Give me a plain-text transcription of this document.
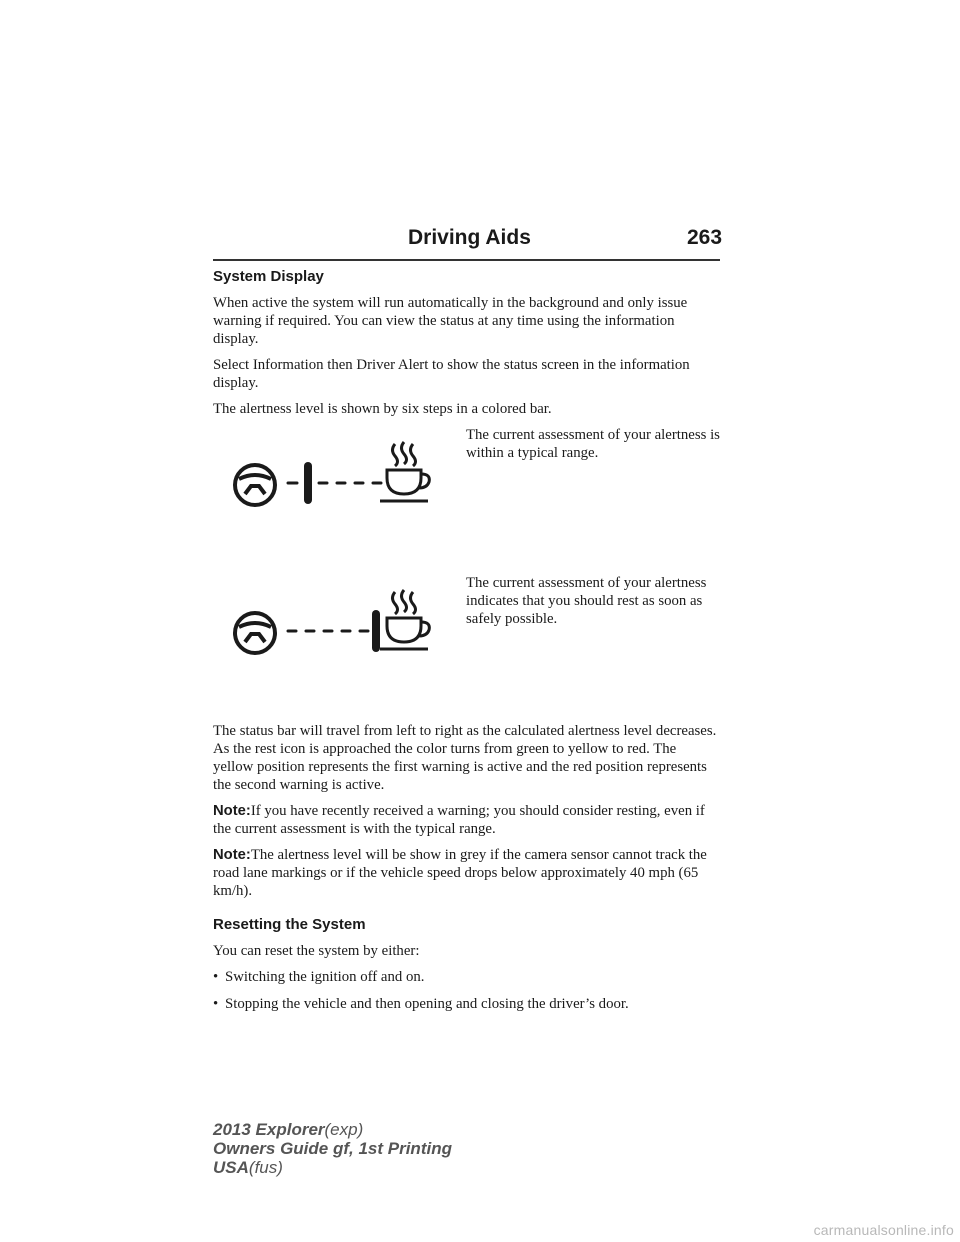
Driving Aids	263
System Display

When active the system will run automatically in the background and only issue warning if required. You can view the status at any time using the information display.

Select Information then Driver Alert to show the status screen in the information display.

The alertness level is shown by six steps in a colored bar.

The current assessment of your alertness is within a typical range.

The current assessment of your alertness indicates that you should rest as soon as safely possible.

The status bar will travel from left to right as the calculated alertness level decreases. As the rest icon is approached the color turns from green to yellow to red. The yellow position represents the first warning is active and the red position represents the second warning is active.

Note:If you have recently received a warning; you should consider resting, even if the current assessment is with the typical range.

Note:The alertness level will be show in grey if the camera sensor cannot track the road lane markings or if the vehicle speed drops below approximately 40 mph (65 km/h).

Resetting the System

You can reset the system by either:

• Switching the ignition off and on.
• Stopping the vehicle and then opening and closing the driver’s door.
2013 Explorer(exp)
Owners Guide gf, 1st Printing
USA(fus)
carmanualsonline.info
